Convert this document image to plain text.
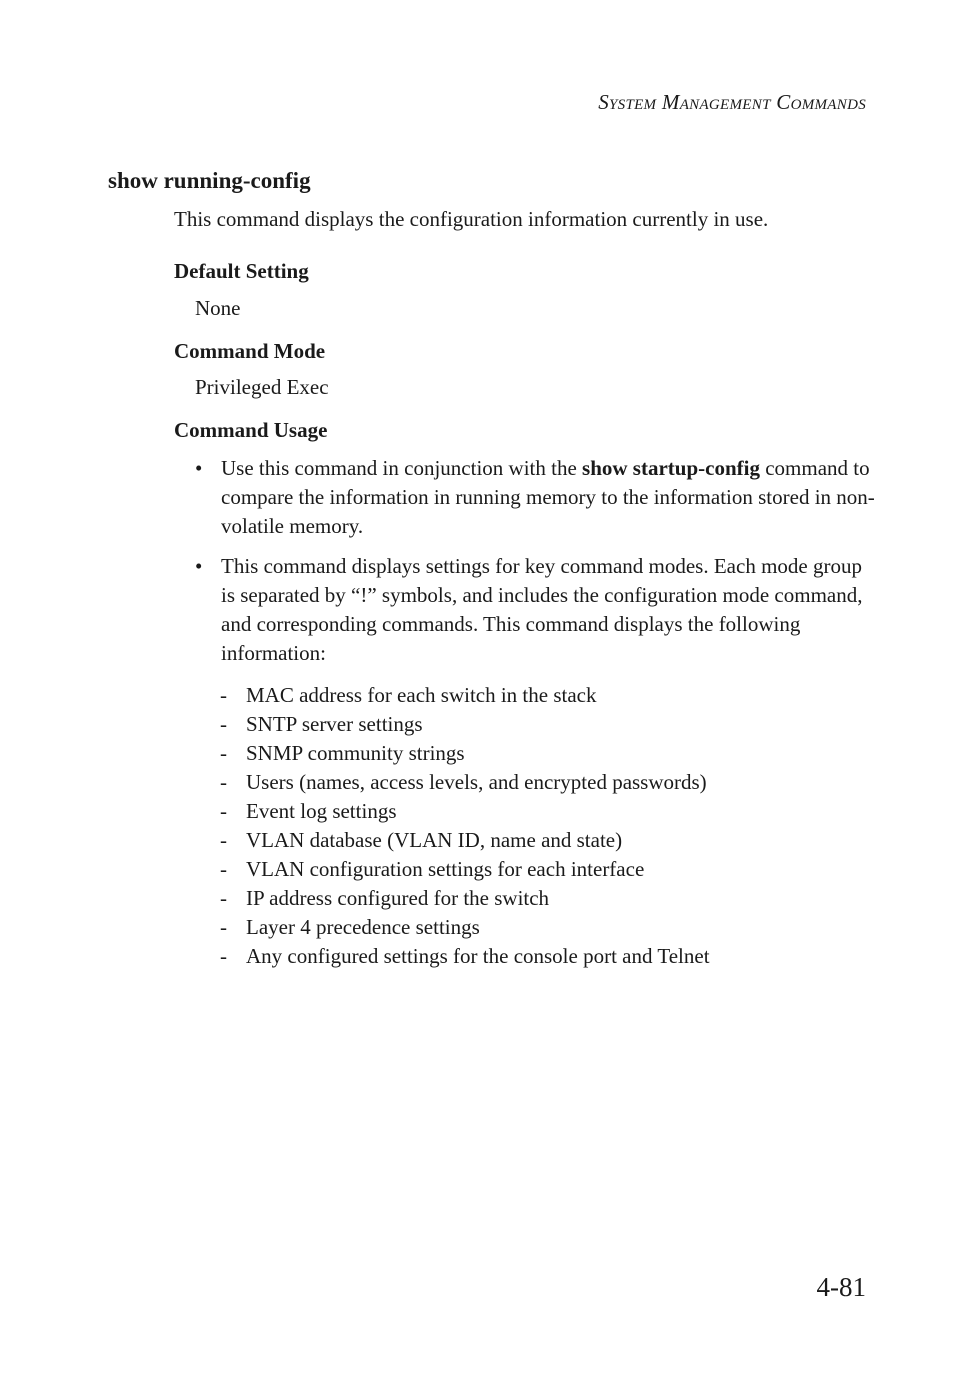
System Management Commands
show running-config
This command displays the configuration information currently in use.
Default Setting
None
Command Mode
Privileged Exec
Command Usage
• Use this command in conjunction with the show startup-config command to compare the information in running memory to the information stored in non-volatile memory.
• This command displays settings for key command modes. Each mode group is separated by “!” symbols, and includes the configuration mode command, and corresponding commands. This command displays the following information:
- MAC address for each switch in the stack
- SNTP server settings
- SNMP community strings
- Users (names, access levels, and encrypted passwords)
- Event log settings
- VLAN database (VLAN ID, name and state)
- VLAN configuration settings for each interface
- IP address configured for the switch
- Layer 4 precedence settings
- Any configured settings for the console port and Telnet
4-81
